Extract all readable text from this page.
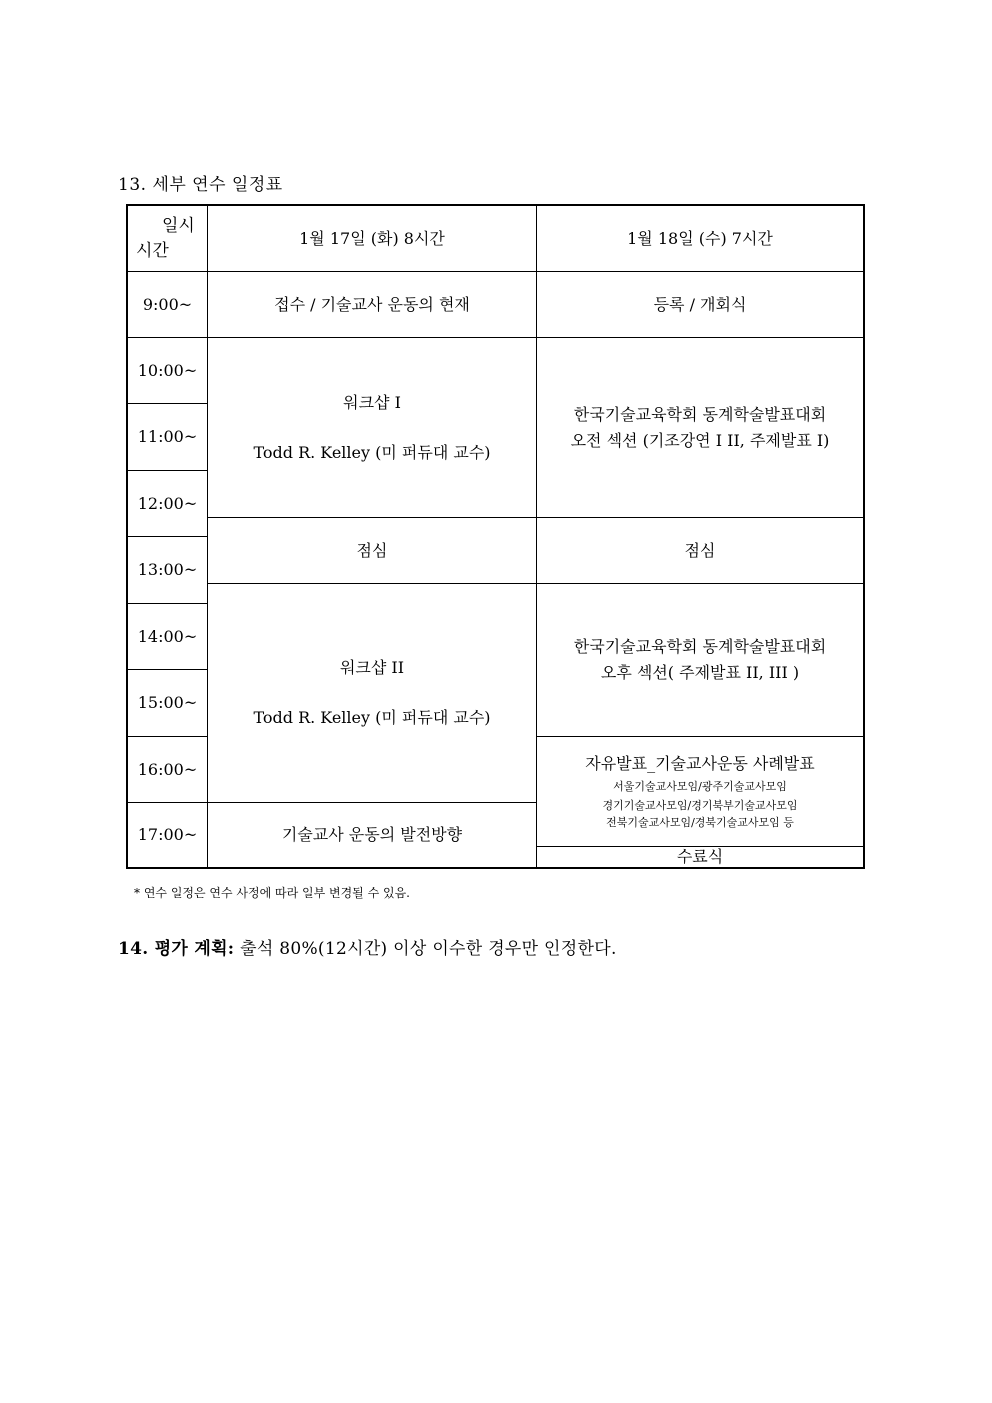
13. 세부 연수 일정표
일시
시간
1월 17일 (화) 8시간	1월 18일 (수) 7시간
9:00~
10:00~
11:00~
12:00~
13:00~
14:00~
15:00~
16:00~
17:00~
접수 / 기술교사 운동의 현재
워크샵 I
Todd R. Kelley (미 퍼듀대 교수)
점심
워크샵 II
Todd R. Kelley (미 퍼듀대 교수)
기술교사 운동의 발전방향
등록 / 개회식
한국기술교육학회 동계학술발표대회
오전 섹션 (기조강연 I II, 주제발표 I)
점심
한국기술교육학회 동계학술발표대회
오후 섹션( 주제발표 II, III )
자유발표_기술교사운동 사례발표
서울기술교사모임/광주기술교사모임
경기기술교사모임/경기북부기술교사모임
전북기술교사모임/경북기술교사모임 등
수료식
* 연수 일정은 연수 사정에 따라 일부 변경될 수 있음.
14. 평가 계획: 출석 80%(12시간) 이상 이수한 경우만 인정한다.
